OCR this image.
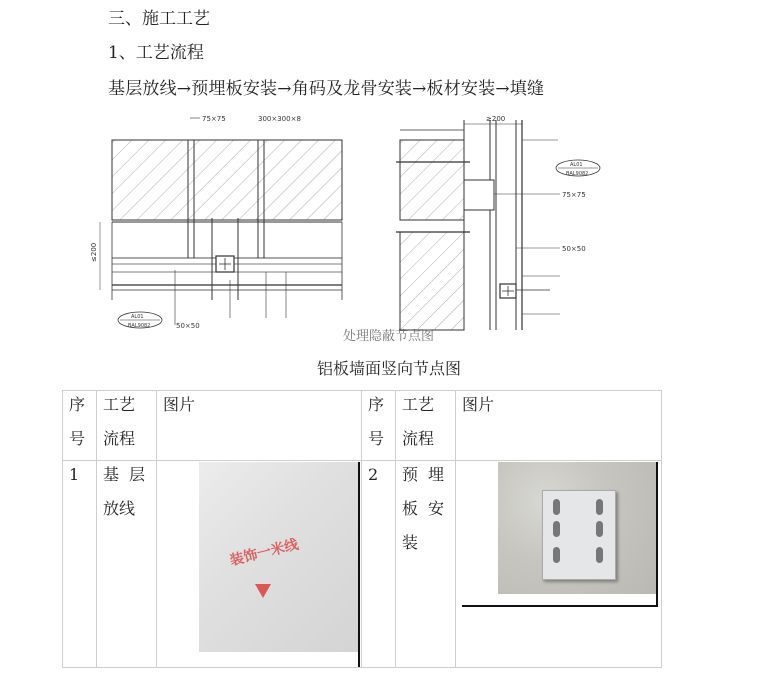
三、施工工艺
1、工艺流程
基层放线→预埋板安装→角码及龙骨安装→板材安装→填缝
≤200
75×75	300×300×8
50×50
AL01
BAL9082
≥200
AL01
BAL9082
75×75
50×50
处理隐蔽节点图
铝板墙面竖向节点图
序
号
工艺
流程
图片	序
号
工艺
流程
图片
1 基层
放线
装饰一米线
2 预埋
板安
装
